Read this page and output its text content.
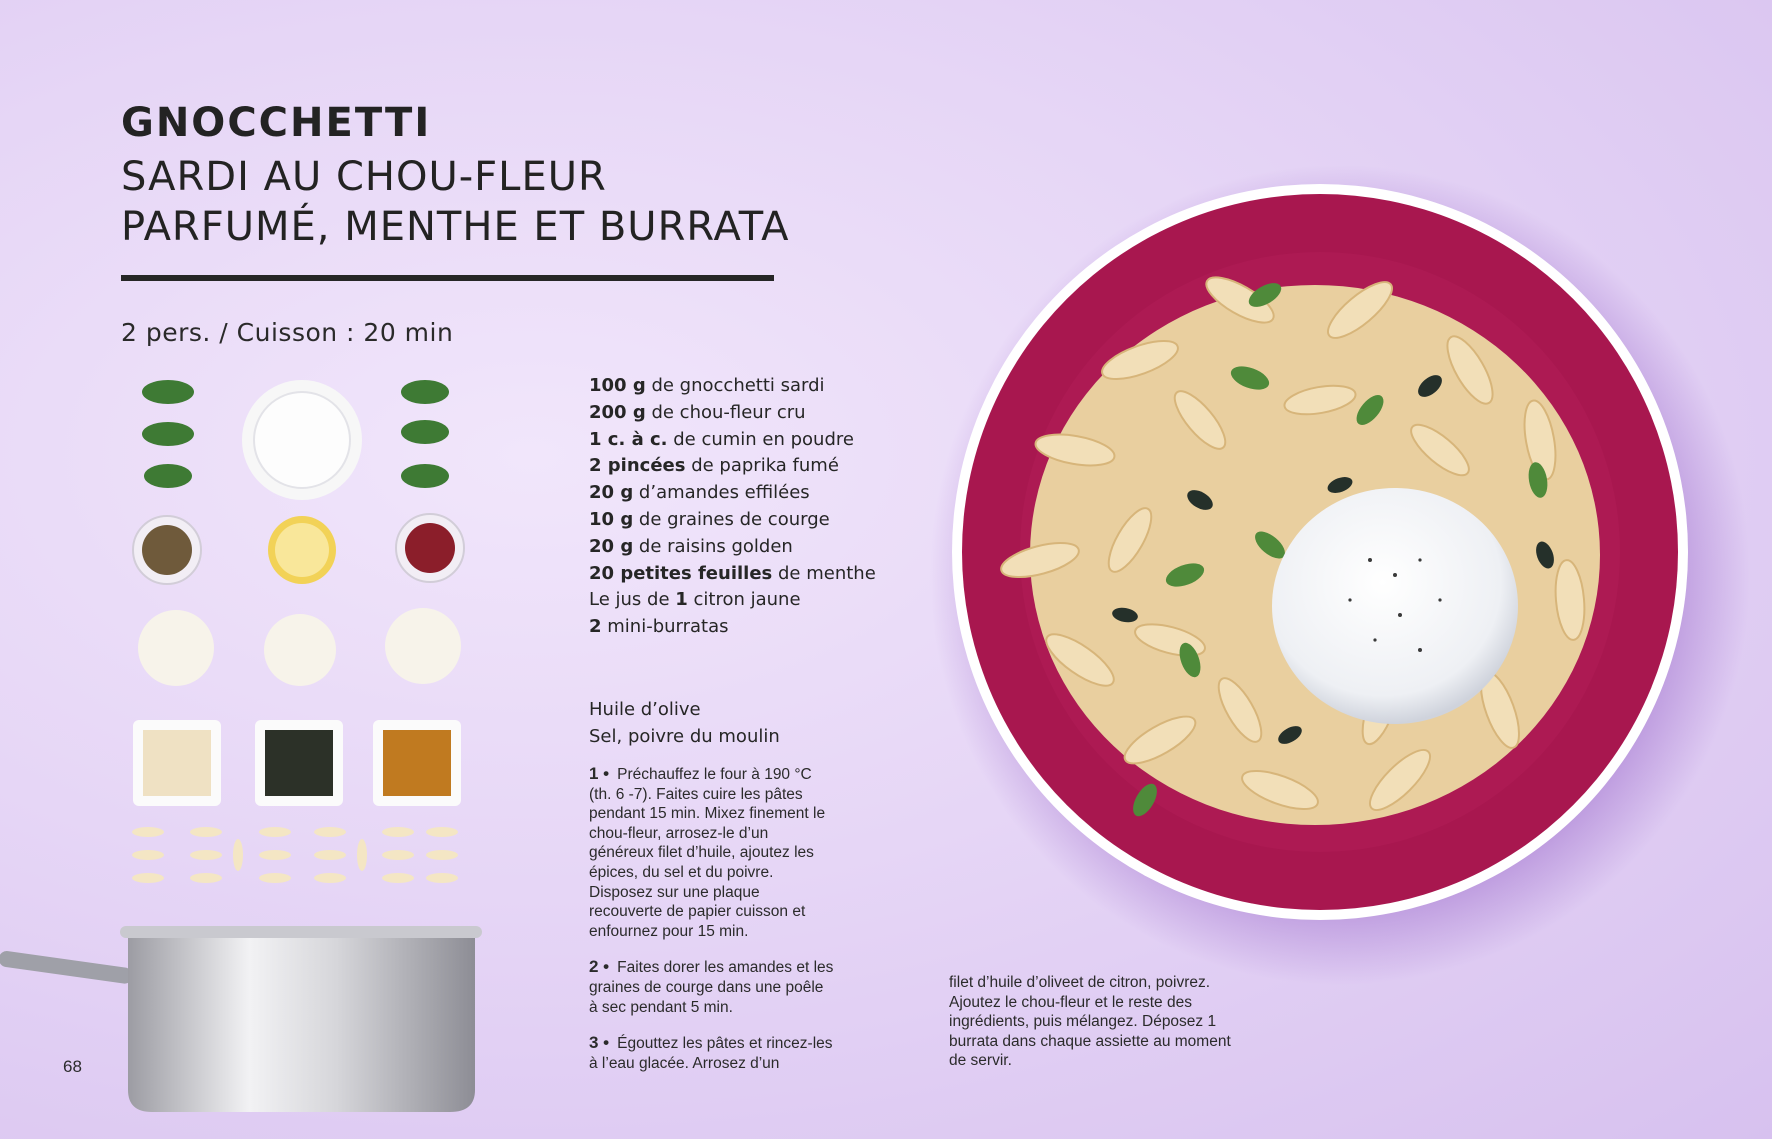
GNOCCHETTI
SARDI AU CHOU-FLEUR
PARFUMÉ, MENTHE ET BURRATA
2 pers. / Cuisson : 20 min
100 g de gnocchetti sardi
200 g de chou-fleur cru
1 c. à c. de cumin en poudre
2 pincées de paprika fumé
20 g d’amandes effilées
10 g de graines de courge
20 g de raisins golden
20 petites feuilles de menthe
Le jus de 1 citron jaune
2 mini-burratas
Huile d’olive
Sel, poivre du moulin

1 • Préchauffez le four à 190 °C (th. 6 -7). Faites cuire les pâtes pendant 15 min. Mixez finement le chou-fleur, arrosez-le d’un généreux filet d’huile, ajoutez les épices, du sel et du poivre. Disposez sur une plaque recouverte de papier cuisson et enfournez pour 15 min.

2 • Faites dorer les amandes et les graines de courge dans une poêle à sec pendant 5 min.

3 • Égouttez les pâtes et rincez-les à l’eau glacée. Arrosez d’un

filet d’huile d’oliveet de citron, poivrez. Ajoutez le chou-fleur et le reste des ingrédients, puis mélangez. Déposez 1 burrata dans chaque assiette au moment de servir.
68
